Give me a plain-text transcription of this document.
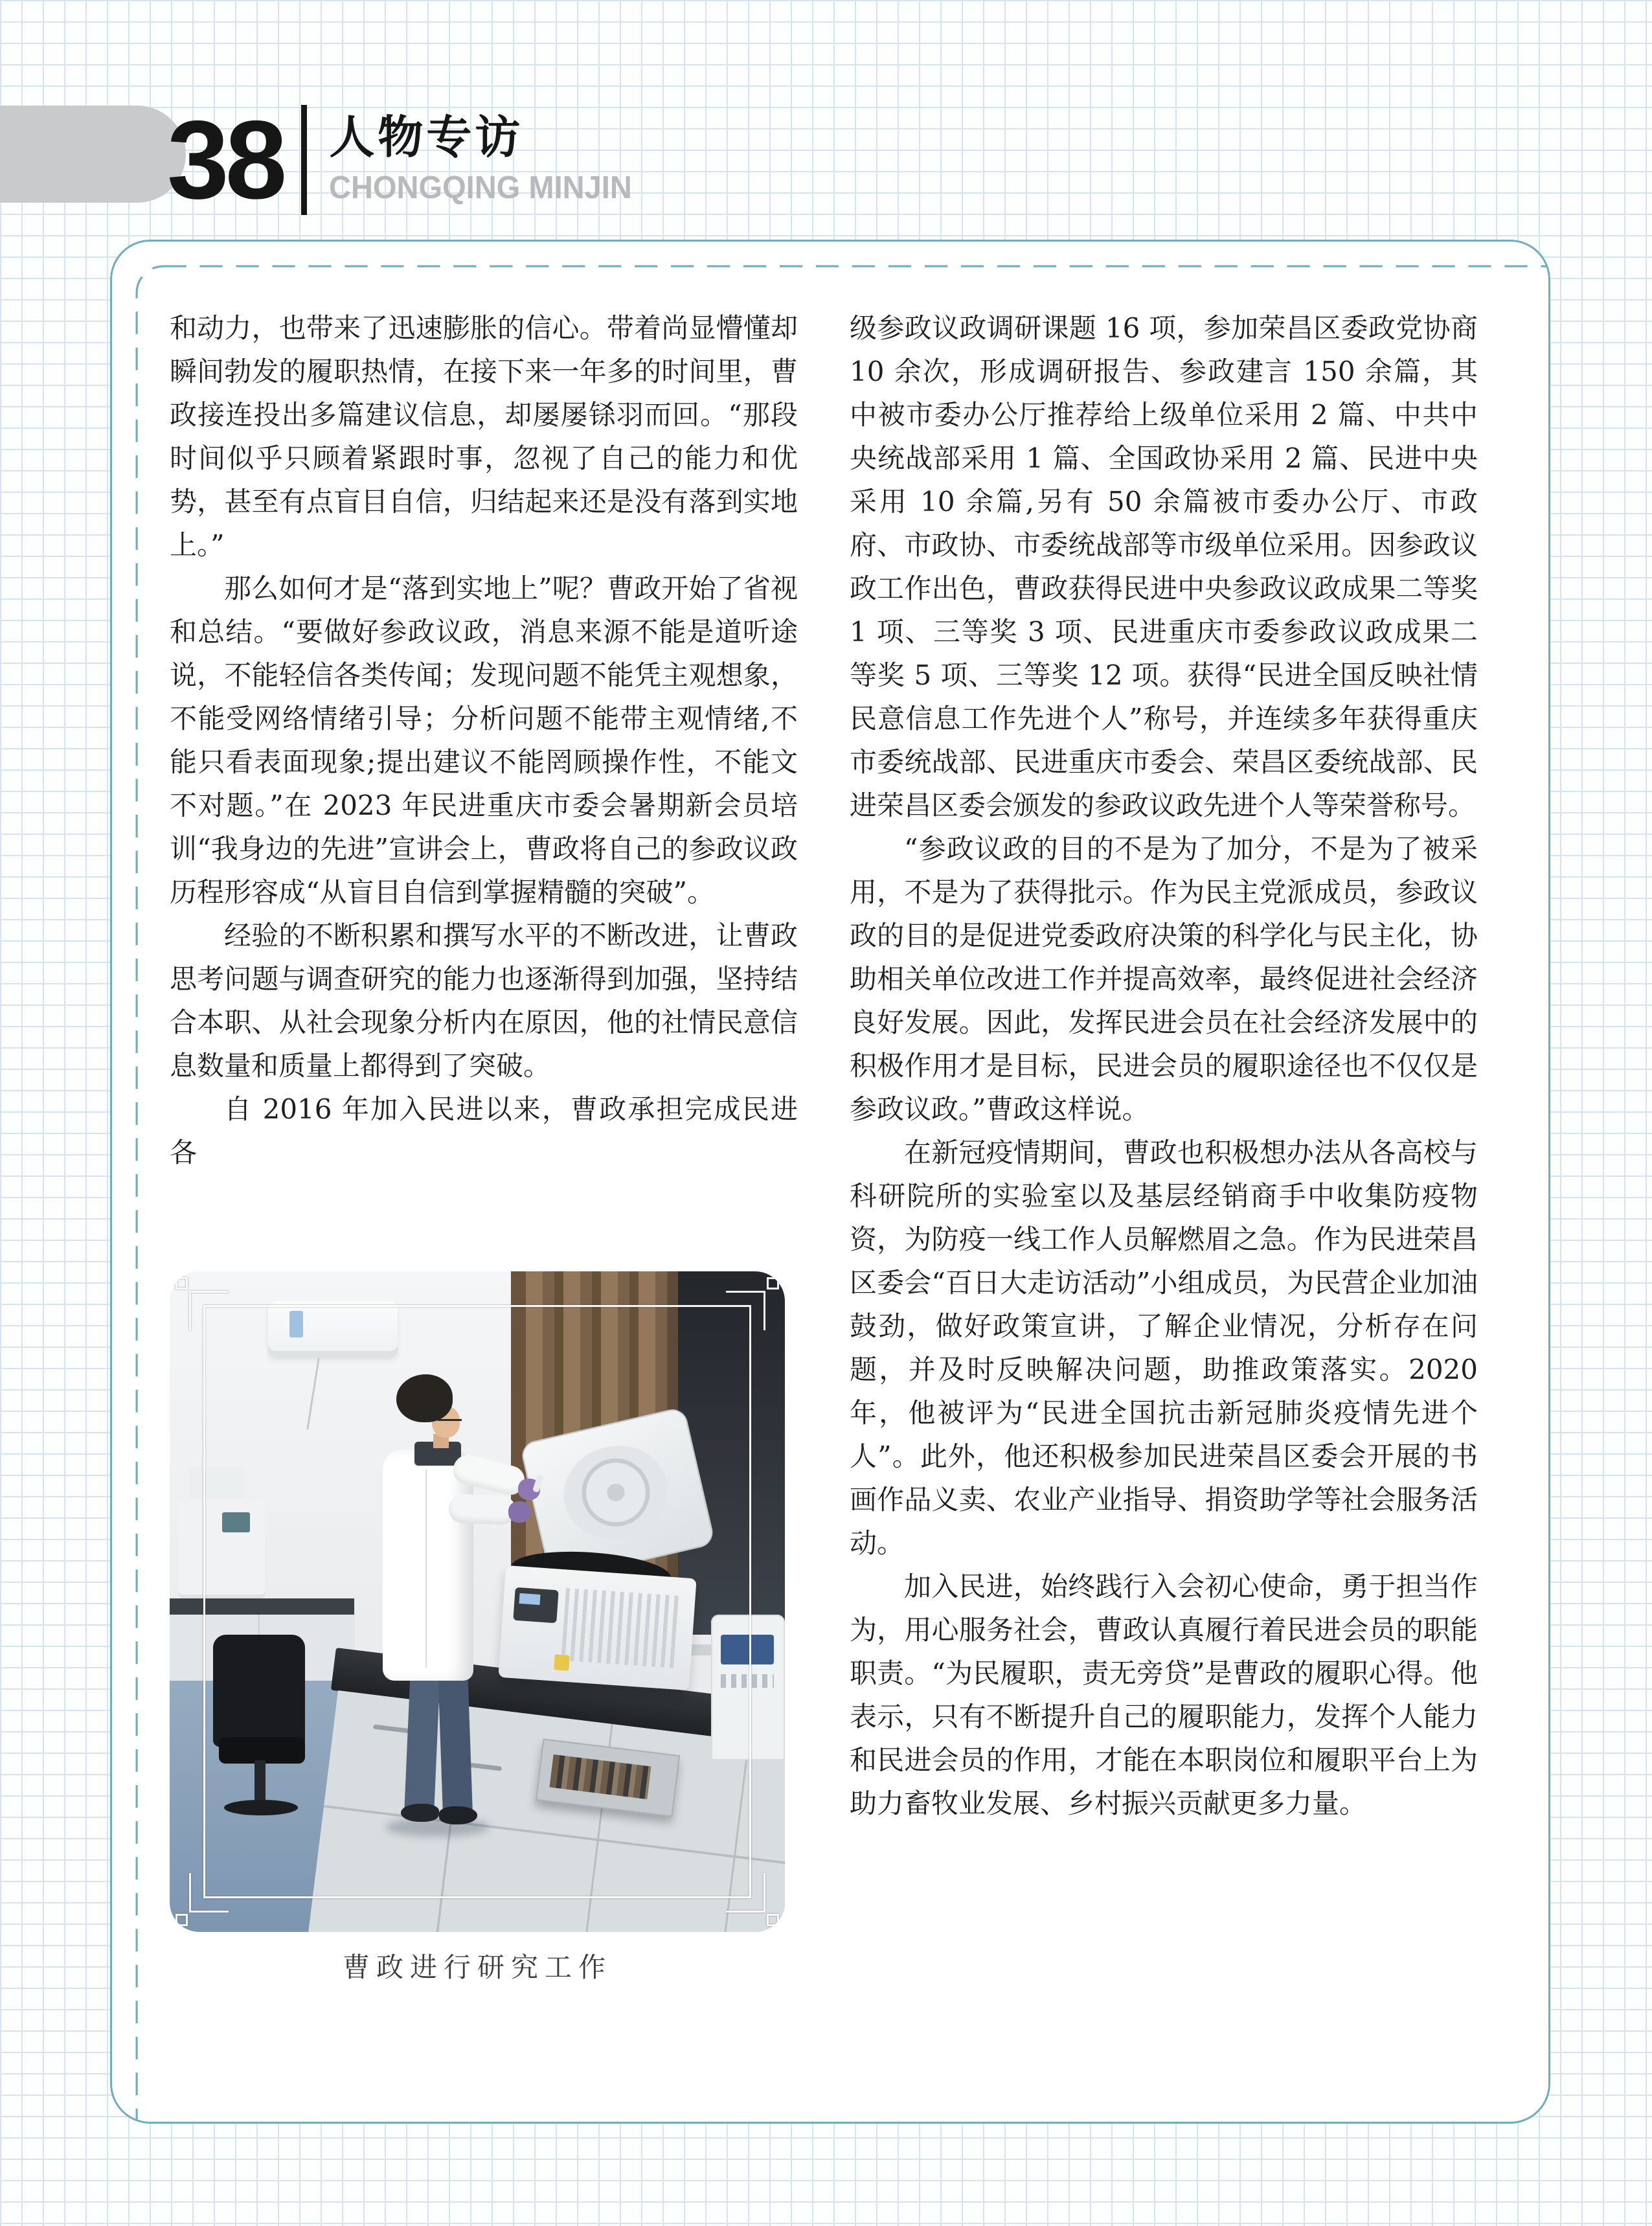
38 人物专访
CHONGQING MINJIN

和动力，也带来了迅速膨胀的信心。带着尚显懵懂却瞬间勃发的履职热情，在接下来一年多的时间里，曹政接连投出多篇建议信息，却屡屡铩羽而回。“那段时间似乎只顾着紧跟时事，忽视了自己的能力和优势，甚至有点盲目自信，归结起来还是没有落到实地上。”

那么如何才是“落到实地上”呢？曹政开始了省视和总结。“要做好参政议政，消息来源不能是道听途说，不能轻信各类传闻；发现问题不能凭主观想象，不能受网络情绪引导；分析问题不能带主观情绪,不能只看表面现象;提出建议不能罔顾操作性，不能文不对题。”在 2023 年民进重庆市委会暑期新会员培训“我身边的先进”宣讲会上，曹政将自己的参政议政历程形容成“从盲目自信到掌握精髓的突破”。

经验的不断积累和撰写水平的不断改进，让曹政思考问题与调查研究的能力也逐渐得到加强，坚持结合本职、从社会现象分析内在原因，他的社情民意信息数量和质量上都得到了突破。

自 2016 年加入民进以来，曹政承担完成民进各

曹政进行研究工作

级参政议政调研课题 16 项，参加荣昌区委政党协商 10 余次，形成调研报告、参政建言 150 余篇，其中被市委办公厅推荐给上级单位采用 2 篇、中共中央统战部采用 1 篇、全国政协采用 2 篇、民进中央采用 10 余篇,另有 50 余篇被市委办公厅、市政府、市政协、市委统战部等市级单位采用。因参政议政工作出色，曹政获得民进中央参政议政成果二等奖 1 项、三等奖 3 项、民进重庆市委参政议政成果二等奖 5 项、三等奖 12 项。获得“民进全国反映社情民意信息工作先进个人”称号，并连续多年获得重庆市委统战部、民进重庆市委会、荣昌区委统战部、民进荣昌区委会颁发的参政议政先进个人等荣誉称号。

“参政议政的目的不是为了加分，不是为了被采用，不是为了获得批示。作为民主党派成员，参政议政的目的是促进党委政府决策的科学化与民主化，协助相关单位改进工作并提高效率，最终促进社会经济良好发展。因此，发挥民进会员在社会经济发展中的积极作用才是目标，民进会员的履职途径也不仅仅是参政议政。”曹政这样说。

在新冠疫情期间，曹政也积极想办法从各高校与科研院所的实验室以及基层经销商手中收集防疫物资，为防疫一线工作人员解燃眉之急。作为民进荣昌区委会“百日大走访活动”小组成员，为民营企业加油鼓劲，做好政策宣讲，了解企业情况，分析存在问题，并及时反映解决问题，助推政策落实。2020 年，他被评为“民进全国抗击新冠肺炎疫情先进个人”。此外，他还积极参加民进荣昌区委会开展的书画作品义卖、农业产业指导、捐资助学等社会服务活动。

加入民进，始终践行入会初心使命，勇于担当作为，用心服务社会，曹政认真履行着民进会员的职能职责。“为民履职，责无旁贷”是曹政的履职心得。他表示，只有不断提升自己的履职能力，发挥个人能力和民进会员的作用，才能在本职岗位和履职平台上为助力畜牧业发展、乡村振兴贡献更多力量。
